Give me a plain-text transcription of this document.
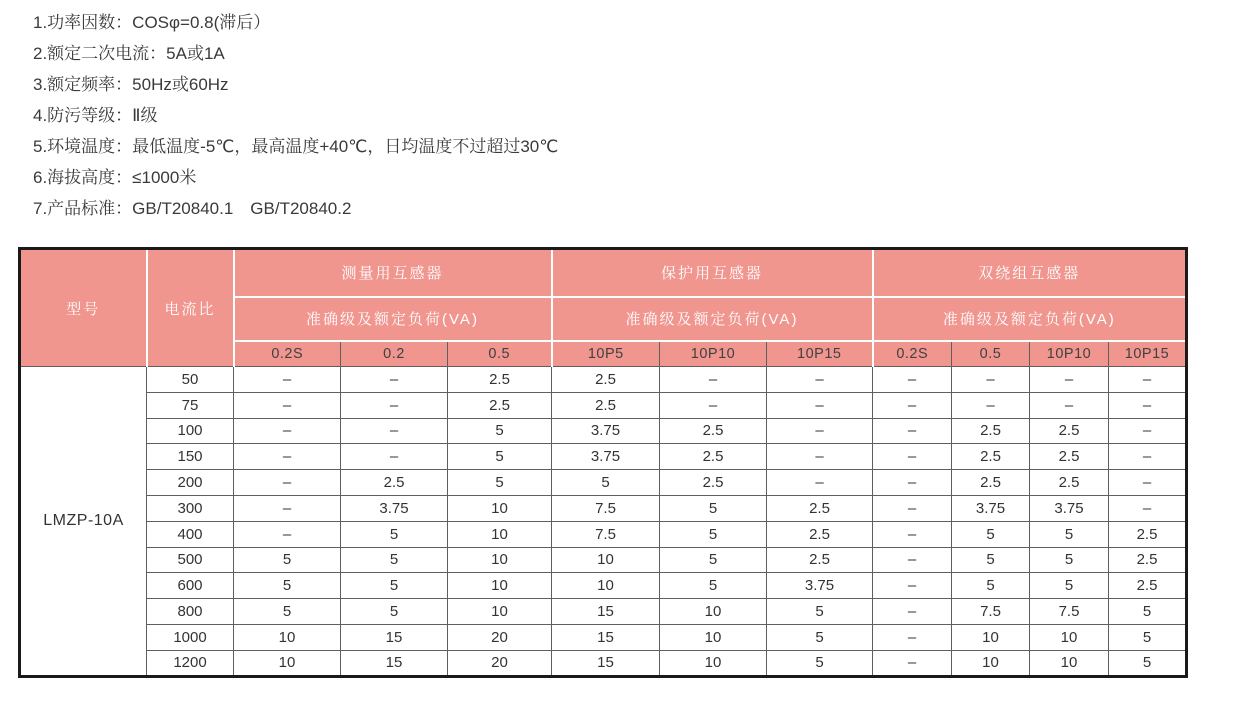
1.功率因数：COSφ=0.8(滞后）
2.额定二次电流：5A或1A
3.额定频率：50Hz或60Hz
4.防污等级：Ⅱ级
5.环境温度：最低温度-5℃，最高温度+40℃，日均温度不过超过30℃
6.海拔高度：≤1000米
7.产品标准：GB/T20840.1　GB/T20840.2
型号	电流比	测量用互感器			保护用互感器			双绕组互感器			
		准确级及额定负荷(VA)			准确级及额定负荷(VA)			准确级及额定负荷(VA)			
		0.2S	0.2	0.5	10P5	10P10	10P15	0.2S	0.5	10P10	10P15
LMZP-10A	50	–	–	2.5	2.5	–	–	–	–	–	–
	75	–	–	2.5	2.5	–	–	–	–	–	–
	100	–	–	5	3.75	2.5	–	–	2.5	2.5	–
	150	–	–	5	3.75	2.5	–	–	2.5	2.5	–
	200	–	2.5	5	5	2.5	–	–	2.5	2.5	–
	300	–	3.75	10	7.5	5	2.5	–	3.75	3.75	–
	400	–	5	10	7.5	5	2.5	–	5	5	2.5
	500	5	5	10	10	5	2.5	–	5	5	2.5
	600	5	5	10	10	5	3.75	–	5	5	2.5
	800	5	5	10	15	10	5	–	7.5	7.5	5
	1000	10	15	20	15	10	5	–	10	10	5
	1200	10	15	20	15	10	5	–	10	10	5
